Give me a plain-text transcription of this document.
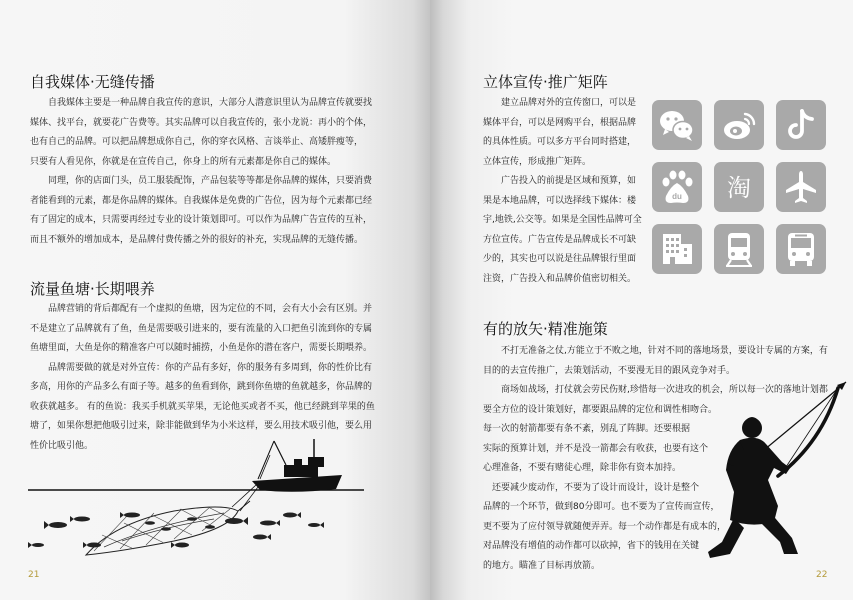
自我媒体·无缝传播
　　自我媒体主要是一种品牌自我宣传的意识，大部分人潜意识里认为品牌宣传就要找
媒体、找平台，就要花广告费等。其实品牌可以自我宣传的，张小龙说：再小的个体，
也有自己的品牌。可以把品牌想成你自己，你的穿衣风格、言谈举止、高矮胖瘦等，
只要有人看见你，你就是在宣传自己，你身上的所有元素都是你自己的媒体。
　　同理，你的店面门头，员工服装配饰，产品包装等等都是你品牌的媒体，只要消费
者能看到的元素，都是你品牌的媒体。自我媒体是免费的广告位，因为每个元素都已经
有了固定的成本，只需要再经过专业的设计策划即可。可以作为品牌广告宣传的互补，
而且不额外的增加成本，是品牌付费传播之外的很好的补充，实现品牌的无缝传播。
流量鱼塘·长期喂养
　　品牌营销的背后都配有一个虚拟的鱼塘，因为定位的不同，会有大小会有区别。并
不是建立了品牌就有了鱼，鱼是需要吸引进来的，要有流量的入口把鱼引流到你的专属
鱼塘里面，大鱼是你的精准客户可以随时捕捞，小鱼是你的潜在客户，需要长期喂养。
　　品牌需要做的就是对外宣传：你的产品有多好，你的服务有多周到，你的性价比有
多高，用你的产品多么有面子等。越多的鱼看到你，跳到你鱼塘的鱼就越多，你品牌的
收获就越多。 有的鱼说：我买手机就买苹果，无论他买或者不买，他已经跳到苹果的鱼
塘了，如果你想把他吸引过来，除非能做到华为小米这样，要么用技术吸引他，要么用
性价比吸引他。
21
立体宣传·推广矩阵
　　建立品牌对外的宣传窗口，可以是
媒体平台，可以是网购平台，根据品牌
的具体性质。可以多方平台同时搭建，
立体宣传，形成推广矩阵。
　　广告投入的前提是区域和预算，如
果是本地品牌，可以选择线下媒体：楼
宇,地铁,公交等。如果是全国性品牌可全
方位宣传。广告宣传是品牌成长不可缺
少的，其实也可以说是往品牌银行里面
注资，广告投入和品牌价值密切相关。
du 淘
有的放矢·精准施策
　　不打无准备之仗,方能立于不败之地，针对不同的落地场景，要设计专属的方案，有
目的的去宣传推广，去策划活动，不要漫无目的跟风竞争对手。
　　商场如战场，打仗就会劳民伤财,珍惜每一次进攻的机会，所以每一次的落地计划都
要全方位的设计策划好，都要跟品牌的定位和调性相吻合。
每一次的射箭都要有条不紊，别乱了阵脚。还要根据
实际的预算计划，并不是没一箭都会有收获，也要有这个
心理准备，不要有赌徒心理，除非你有资本加持。
　还要减少废动作，不要为了设计而设计，设计是整个
品牌的一个环节，做到80分即可。也不要为了宣传而宣传，
更不要为了应付领导就随便弄弄。每一个动作都是有成本的，
对品牌没有增值的动作都可以砍掉，省下的钱用在关键
的地方。瞄准了目标再放箭。
22
